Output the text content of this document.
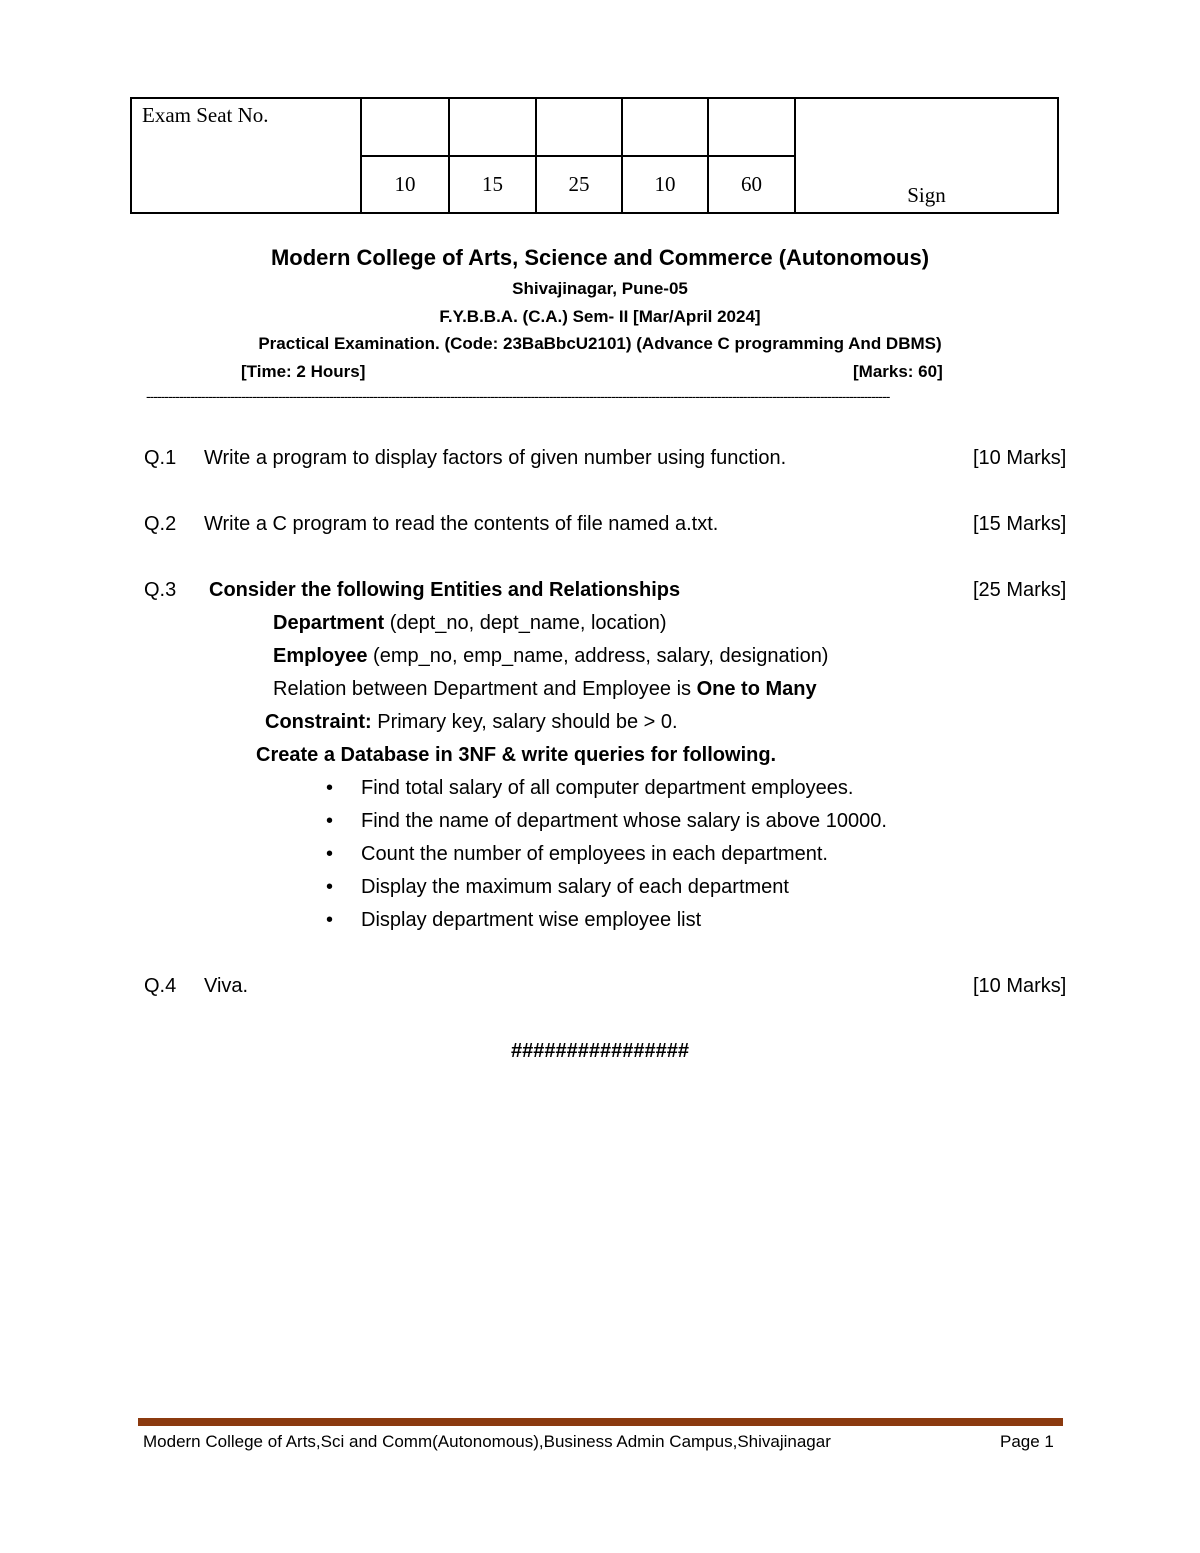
Exam Seat No.						Sign
	10	15	25	10	60	
Modern College of Arts, Science and Commerce (Autonomous)
Shivajinagar, Pune-05
F.Y.B.B.A. (C.A.) Sem- II [Mar/April 2024]
Practical Examination. (Code: 23BaBbcU2101) (Advance C programming And DBMS)
[Time: 2 Hours]	[Marks: 60]
-----------------------------------------------------------------------------------------------------------------------------------------------------------------------------------------------------------
Q.1 Write a program to display factors of given number using function.	[10 Marks]
Q.2 Write a C program to read the contents of file named a.txt.	[15 Marks]
Q.3 Consider the following Entities and Relationships	[25 Marks]
Department (dept_no, dept_name, location)
Employee (emp_no, emp_name, address, salary, designation)
Relation between Department and Employee is One to Many
Constraint: Primary key, salary should be > 0.
Create a Database in 3NF & write queries for following.
• Find total salary of all computer department employees.
• Find the name of department whose salary is above 10000.
• Count the number of employees in each department.
• Display the maximum salary of each department
• Display department wise employee list
Q.4 Viva.	[10 Marks]
################
Modern College of Arts,Sci and Comm(Autonomous),Business Admin Campus,Shivajinagar	Page 1
